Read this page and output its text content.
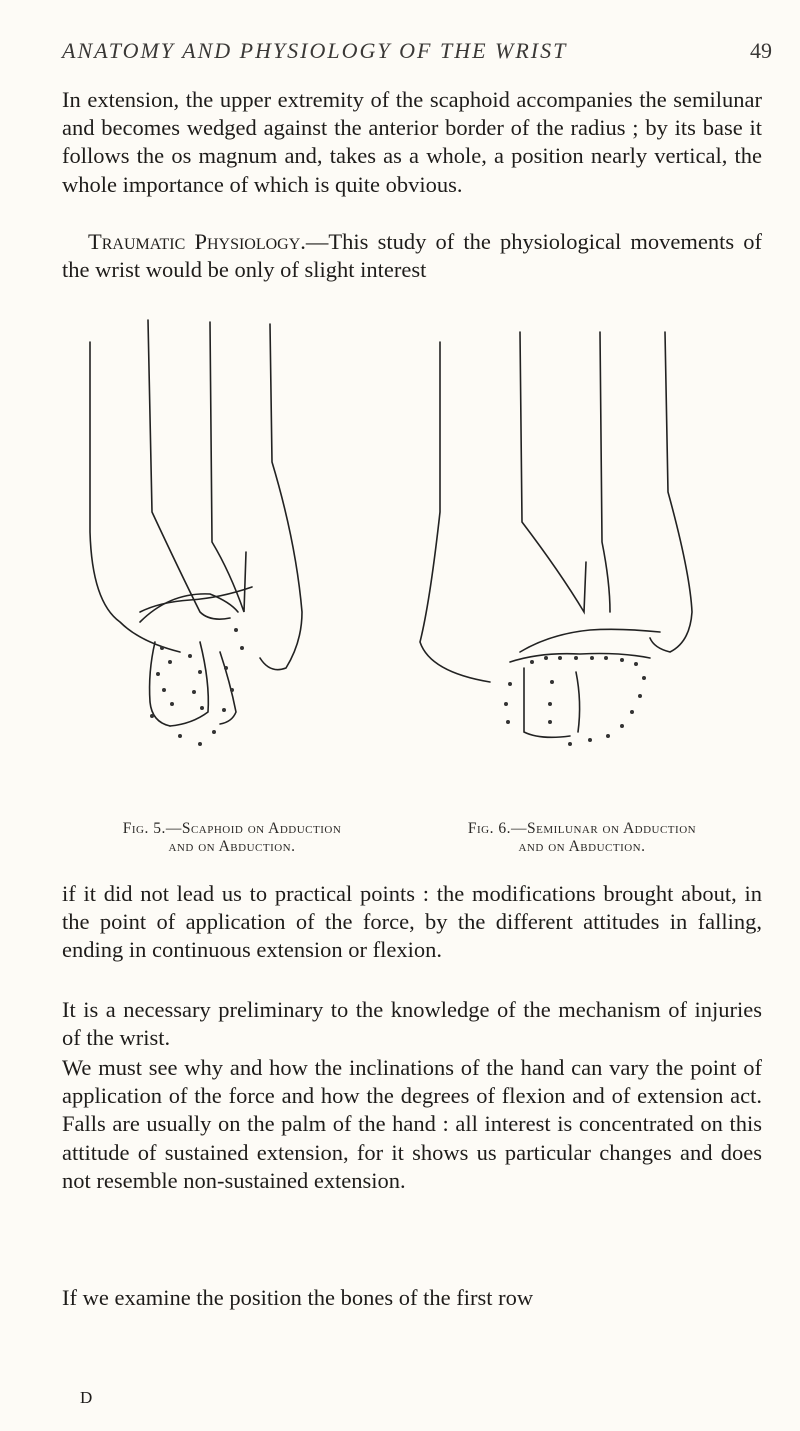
ANATOMY AND PHYSIOLOGY OF THE WRIST	49

In extension, the upper extremity of the scaphoid accompanies the semilunar and becomes wedged against the anterior border of the radius ; by its base it follows the os magnum and, takes as a whole, a position nearly vertical, the whole importance of which is quite obvious.

Traumatic Physiology.—This study of the physiological movements of the wrist would be only of slight interest

Fig. 5.—Scaphoid on Adduction
and on Abduction.
Fig. 6.—Semilunar on Adduction
and on Abduction.

if it did not lead us to practical points : the modifications brought about, in the point of application of the force, by the different attitudes in falling, ending in continuous extension or flexion.

It is a necessary preliminary to the knowledge of the mechanism of injuries of the wrist.

We must see why and how the inclinations of the hand can vary the point of application of the force and how the degrees of flexion and of extension act. Falls are usually on the palm of the hand : all interest is concentrated on this attitude of sustained extension, for it shows us particular changes and does not resemble non-sustained extension.

If we examine the position the bones of the first row

D
